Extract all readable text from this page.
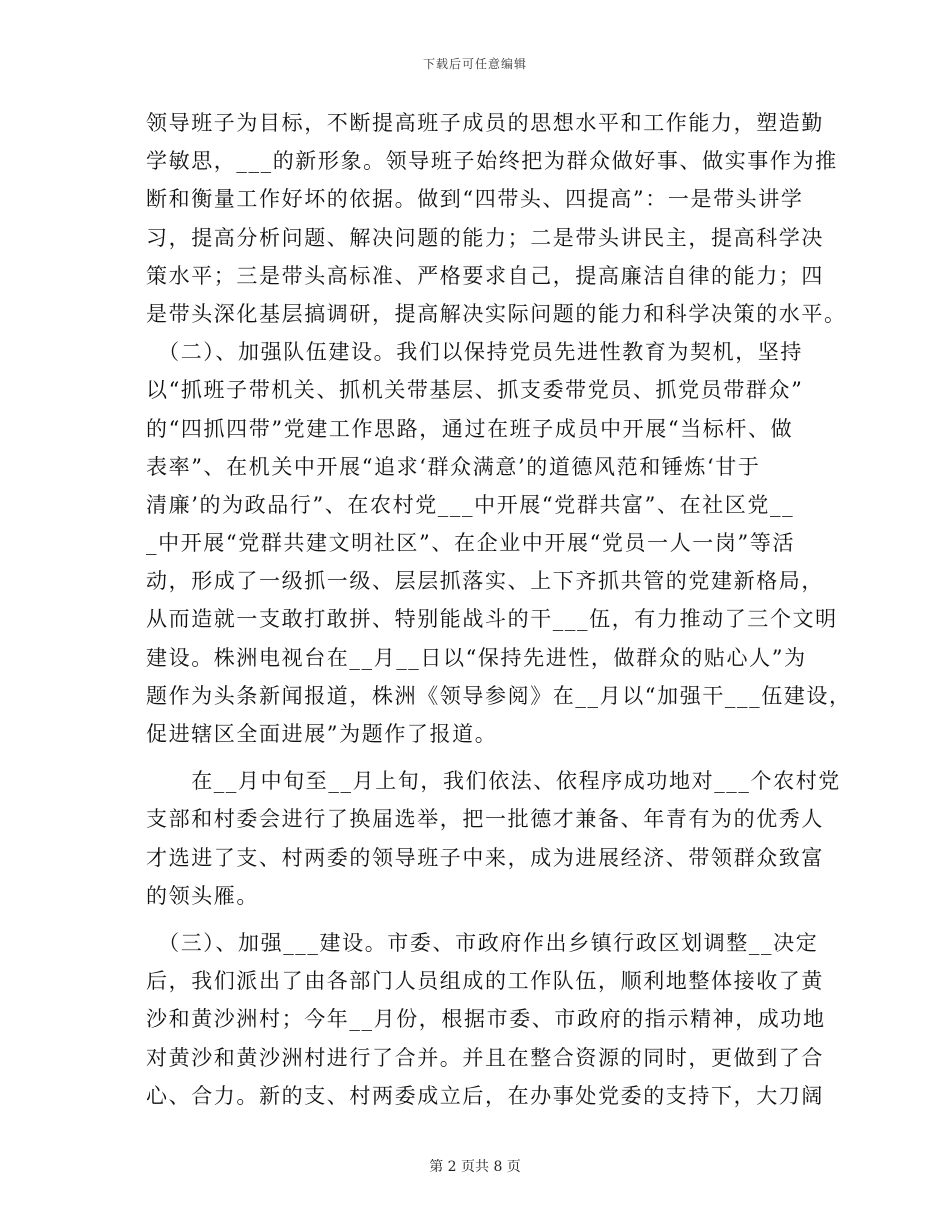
下载后可任意编辑
领导班子为目标，不断提高班子成员的思想水平和工作能力，塑造勤
学敏思，___的新形象。领导班子始终把为群众做好事、做实事作为推
断和衡量工作好坏的依据。做到“四带头、四提高”：一是带头讲学
习，提高分析问题、解决问题的能力；二是带头讲民主，提高科学决
策水平；三是带头高标准、严格要求自己，提高廉洁自律的能力；四
是带头深化基层搞调研，提高解决实际问题的能力和科学决策的水平。
　（二）、加强队伍建设。我们以保持党员先进性教育为契机，坚持
以“抓班子带机关、抓机关带基层、抓支委带党员、抓党员带群众”
的“四抓四带”党建工作思路，通过在班子成员中开展“当标杆、做
表率”、在机关中开展“追求‘群众满意’的道德风范和锤炼‘甘于
清廉’的为政品行”、在农村党___中开展“党群共富”、在社区党__
_中开展“党群共建文明社区”、在企业中开展“党员一人一岗”等活
动，形成了一级抓一级、层层抓落实、上下齐抓共管的党建新格局，
从而造就一支敢打敢拼、特别能战斗的干___伍，有力推动了三个文明
建设。株洲电视台在__月__日以“保持先进性，做群众的贴心人”为
题作为头条新闻报道，株洲《领导参阅》在__月以“加强干___伍建设，
促进辖区全面进展”为题作了报道。
　　在__月中旬至__月上旬，我们依法、依程序成功地对___个农村党
支部和村委会进行了换届选举，把一批德才兼备、年青有为的优秀人
才选进了支、村两委的领导班子中来，成为进展经济、带领群众致富
的领头雁。
　（三）、加强___建设。市委、市政府作出乡镇行政区划调整__决定
后，我们派出了由各部门人员组成的工作队伍，顺利地整体接收了黄
沙和黄沙洲村；今年__月份，根据市委、市政府的指示精神，成功地
对黄沙和黄沙洲村进行了合并。并且在整合资源的同时，更做到了合
心、合力。新的支、村两委成立后，在办事处党委的支持下，大刀阔
第 2 页共 8 页
